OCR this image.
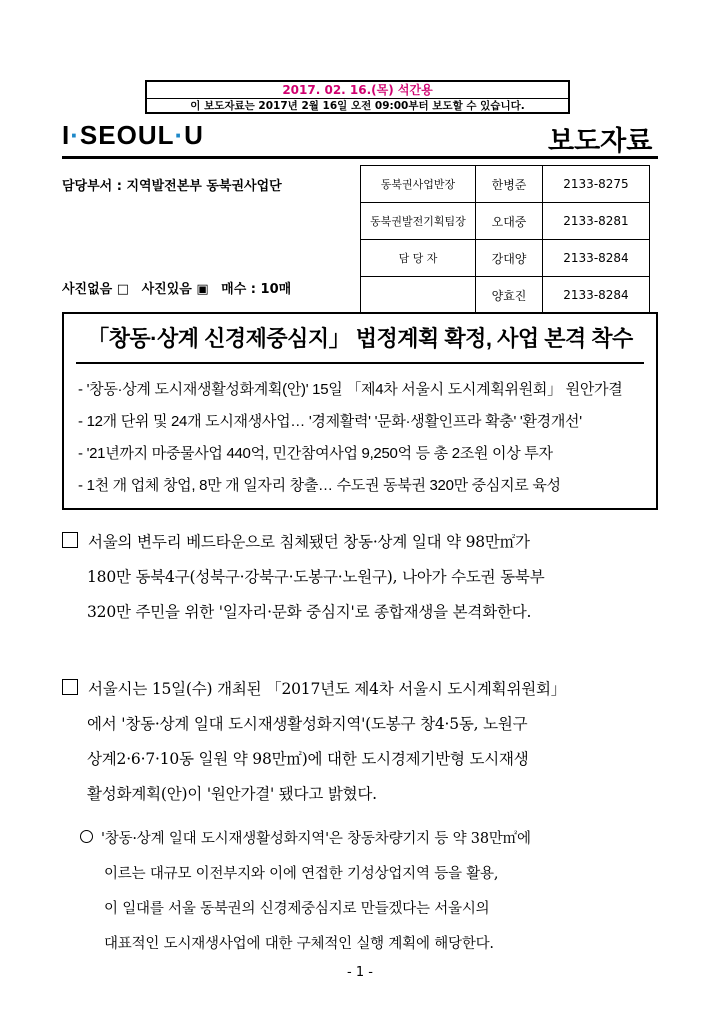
2017. 02. 16.(목) 석간용
이 보도자료는 2017년 2월 16일 오전 09:00부터 보도할 수 있습니다.
I·SEOUL·U	보도자료
담당부서 : 지역발전본부 동북권사업단
사진없음 □ 사진있음 ▣ 매수 : 10매
동북권사업반장	한병준	2133-8275
동북권발전기획팀장	오대중	2133-8281
담 당 자	강대양	2133-8284
	양효진	2133-8284
「창동·상계 신경제중심지」 법정계획 확정, 사업 본격 착수
- '창동·상계 도시재생활성화계획(안)' 15일 「제4차 서울시 도시계획위원회」 원안가결
- 12개 단위 및 24개 도시재생사업… '경제활력' '문화·생활인프라 확충' '환경개선'
- '21년까지 마중물사업 440억, 민간참여사업 9,250억 등 총 2조원 이상 투자
- 1천 개 업체 창업, 8만 개 일자리 창출… 수도권 동북권 320만 중심지로 육성
서울의 변두리 베드타운으로 침체됐던 창동·상계 일대 약 98만㎡가
180만 동북4구(성북구·강북구·도봉구·노원구), 나아가 수도권 동북부
320만 주민을 위한 '일자리·문화 중심지'로 종합재생을 본격화한다.
서울시는 15일(수) 개최된 「2017년도 제4차 서울시 도시계획위원회」
에서 '창동·상계 일대 도시재생활성화지역'(도봉구 창4·5동, 노원구
상계2·6·7·10동 일원 약 98만㎡)에 대한 도시경제기반형 도시재생
활성화계획(안)이 '원안가결' 됐다고 밝혔다.
'창동·상계 일대 도시재생활성화지역'은 창동차량기지 등 약 38만㎡에
이르는 대규모 이전부지와 이에 연접한 기성상업지역 등을 활용,
이 일대를 서울 동북권의 신경제중심지로 만들겠다는 서울시의
대표적인 도시재생사업에 대한 구체적인 실행 계획에 해당한다.
- 1 -
